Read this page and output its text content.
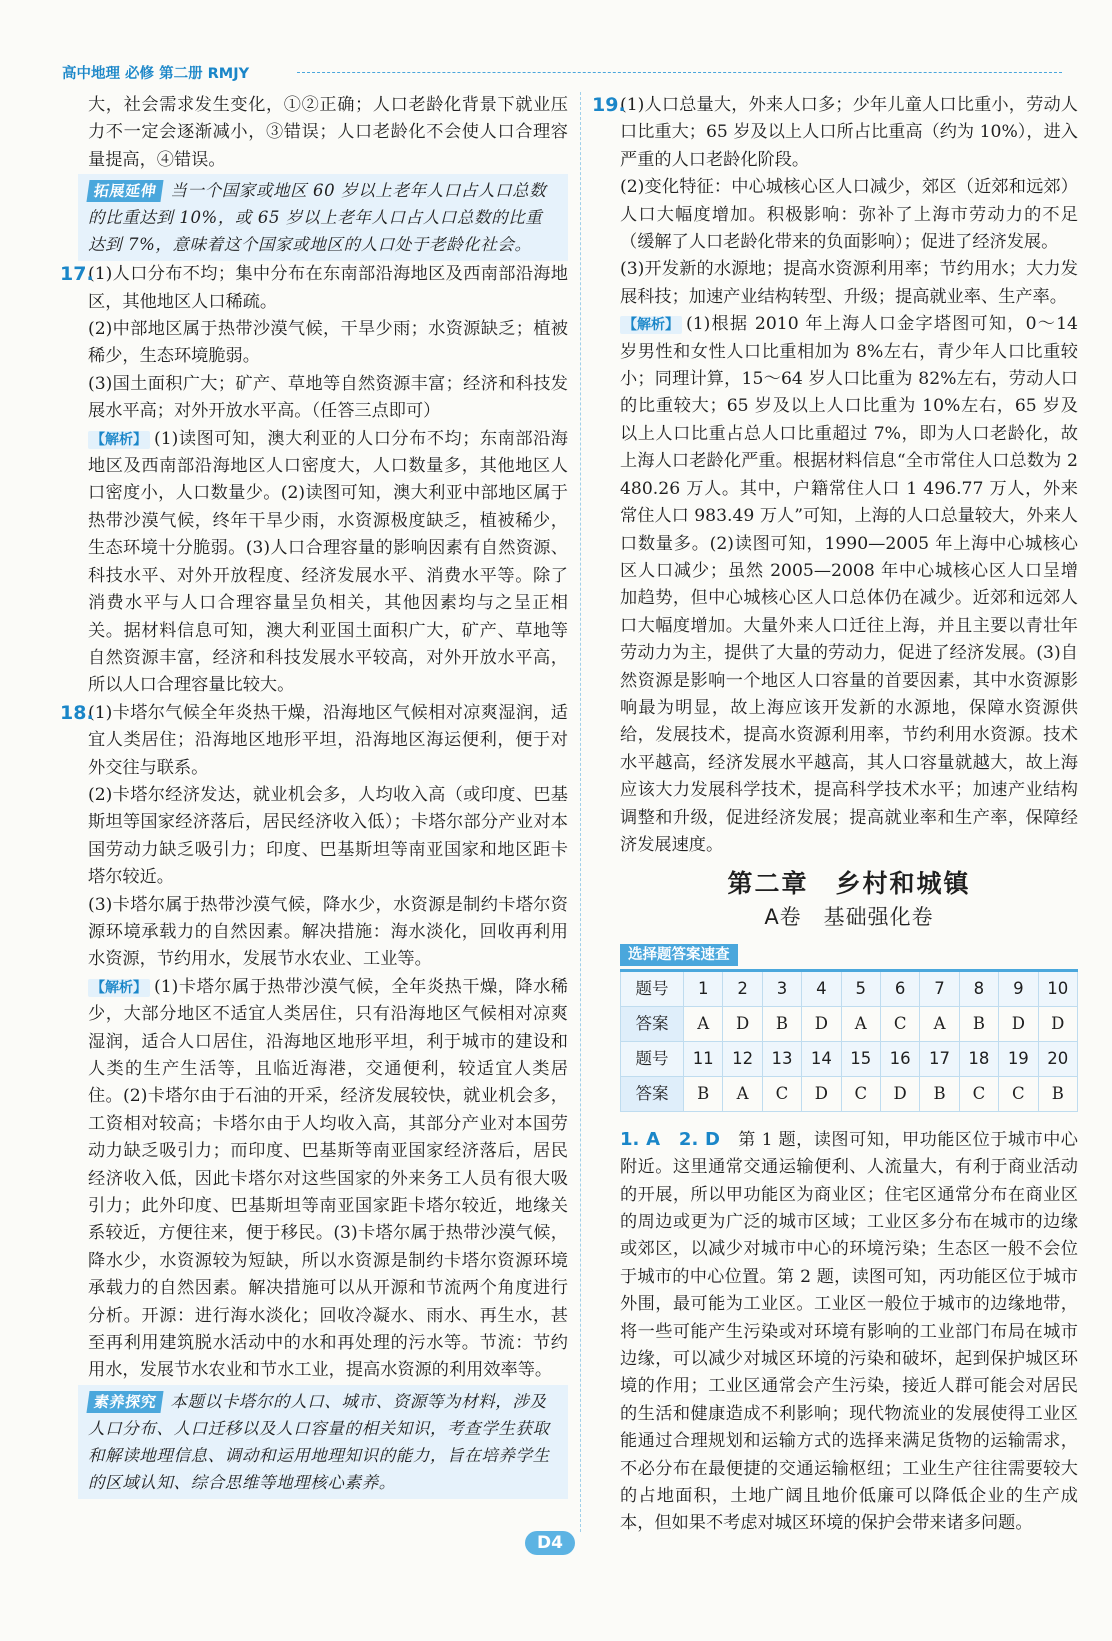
高中地理 必修 第二册 RMJY

大，社会需求发生变化，①②正确；人口老龄化背景下就业压力不一定会逐渐减小，③错误；人口老龄化不会使人口合理容量提高，④错误。

拓展延伸 当一个国家或地区 60 岁以上老年人口占人口总数的比重达到 10%，或 65 岁以上老年人口占人口总数的比重达到 7%，意味着这个国家或地区的人口处于老龄化社会。
17.

(1)人口分布不均；集中分布在东南部沿海地区及西南部沿海地区，其他地区人口稀疏。

(2)中部地区属于热带沙漠气候，干旱少雨；水资源缺乏；植被稀少，生态环境脆弱。

(3)国土面积广大；矿产、草地等自然资源丰富；经济和科技发展水平高；对外开放水平高。（任答三点即可）

【解析】 (1)读图可知，澳大利亚的人口分布不均；东南部沿海地区及西南部沿海地区人口密度大，人口数量多，其他地区人口密度小，人口数量少。(2)读图可知，澳大利亚中部地区属于热带沙漠气候，终年干旱少雨，水资源极度缺乏，植被稀少，生态环境十分脆弱。(3)人口合理容量的影响因素有自然资源、科技水平、对外开放程度、经济发展水平、消费水平等。除了消费水平与人口合理容量呈负相关，其他因素均与之呈正相关。据材料信息可知，澳大利亚国土面积广大，矿产、草地等自然资源丰富，经济和科技发展水平较高，对外开放水平高，所以人口合理容量比较大。

18.

(1)卡塔尔气候全年炎热干燥，沿海地区气候相对凉爽湿润，适宜人类居住；沿海地区地形平坦，沿海地区海运便利，便于对外交往与联系。

(2)卡塔尔经济发达，就业机会多，人均收入高（或印度、巴基斯坦等国家经济落后，居民经济收入低）；卡塔尔部分产业对本国劳动力缺乏吸引力；印度、巴基斯坦等南亚国家和地区距卡塔尔较近。

(3)卡塔尔属于热带沙漠气候，降水少，水资源是制约卡塔尔资源环境承载力的自然因素。解决措施：海水淡化，回收再利用水资源，节约用水，发展节水农业、工业等。

【解析】 (1)卡塔尔属于热带沙漠气候，全年炎热干燥，降水稀少，大部分地区不适宜人类居住，只有沿海地区气候相对凉爽湿润，适合人口居住，沿海地区地形平坦，利于城市的建设和人类的生产生活等，且临近海港，交通便利，较适宜人类居住。(2)卡塔尔由于石油的开采，经济发展较快，就业机会多，工资相对较高；卡塔尔由于人均收入高，其部分产业对本国劳动力缺乏吸引力；而印度、巴基斯等南亚国家经济落后，居民经济收入低，因此卡塔尔对这些国家的外来务工人员有很大吸引力；此外印度、巴基斯坦等南亚国家距卡塔尔较近，地缘关系较近，方便往来，便于移民。(3)卡塔尔属于热带沙漠气候，降水少，水资源较为短缺，所以水资源是制约卡塔尔资源环境承载力的自然因素。解决措施可以从开源和节流两个角度进行分析。开源：进行海水淡化；回收冷凝水、雨水、再生水，甚至再利用建筑脱水活动中的水和再处理的污水等。节流：节约用水，发展节水农业和节水工业，提高水资源的利用效率等。

素养探究 本题以卡塔尔的人口、城市、资源等为材料，涉及人口分布、人口迁移以及人口容量的相关知识，考查学生获取和解读地理信息、调动和运用地理知识的能力，旨在培养学生的区域认知、综合思维等地理核心素养。
19.

(1)人口总量大，外来人口多；少年儿童人口比重小，劳动人口比重大；65 岁及以上人口所占比重高（约为 10%），进入严重的人口老龄化阶段。

(2)变化特征：中心城核心区人口减少，郊区（近郊和远郊）人口大幅度增加。积极影响：弥补了上海市劳动力的不足（缓解了人口老龄化带来的负面影响）；促进了经济发展。

(3)开发新的水源地；提高水资源利用率；节约用水；大力发展科技；加速产业结构转型、升级；提高就业率、生产率。

【解析】 (1)根据 2010 年上海人口金字塔图可知，0～14 岁男性和女性人口比重相加为 8%左右，青少年人口比重较小；同理计算，15～64 岁人口比重为 82%左右，劳动人口的比重较大；65 岁及以上人口比重为 10%左右，65 岁及以上人口比重占总人口比重超过 7%，即为人口老龄化，故上海人口老龄化严重。根据材料信息“全市常住人口总数为 2 480.26 万人。其中，户籍常住人口 1 496.77 万人，外来常住人口 983.49 万人”可知，上海的人口总量较大，外来人口数量多。(2)读图可知，1990—2005 年上海中心城核心区人口减少；虽然 2005—2008 年中心城核心区人口呈增加趋势，但中心城核心区人口总体仍在减少。近郊和远郊人口大幅度增加。大量外来人口迁往上海，并且主要以青壮年劳动力为主，提供了大量的劳动力，促进了经济发展。(3)自然资源是影响一个地区人口容量的首要因素，其中水资源影响最为明显，故上海应该开发新的水源地，保障水资源供给，发展技术，提高水资源利用率，节约利用水资源。技术水平越高，经济发展水平越高，其人口容量就越大，故上海应该大力发展科学技术，提高科学技术水平；加速产业结构调整和升级，促进经济发展；提高就业率和生产率，保障经济发展速度。

第二章　乡村和城镇
A卷　基础强化卷
选择题答案速查
题号	1	2	3	4	5	6	7	8	9	10
答案	A	D	B	D	A	C	A	B	D	D
题号	11	12	13	14	15	16	17	18	19	20
答案	B	A	C	D	C	D	B	C	C	B

1. A　2. D　 第 1 题，读图可知，甲功能区位于城市中心附近。这里通常交通运输便利、人流量大，有利于商业活动的开展，所以甲功能区为商业区；住宅区通常分布在商业区的周边或更为广泛的城市区域；工业区多分布在城市的边缘或郊区，以减少对城市中心的环境污染；生态区一般不会位于城市的中心位置。第 2 题，读图可知，丙功能区位于城市外围，最可能为工业区。工业区一般位于城市的边缘地带，将一些可能产生污染或对环境有影响的工业部门布局在城市边缘，可以减少对城区环境的污染和破坏，起到保护城区环境的作用；工业区通常会产生污染，接近人群可能会对居民的生活和健康造成不利影响；现代物流业的发展使得工业区能通过合理规划和运输方式的选择来满足货物的运输需求，不必分布在最便捷的交通运输枢纽；工业生产往往需要较大的占地面积，土地广阔且地价低廉可以降低企业的生产成本，但如果不考虑对城区环境的保护会带来诸多问题。

D4
